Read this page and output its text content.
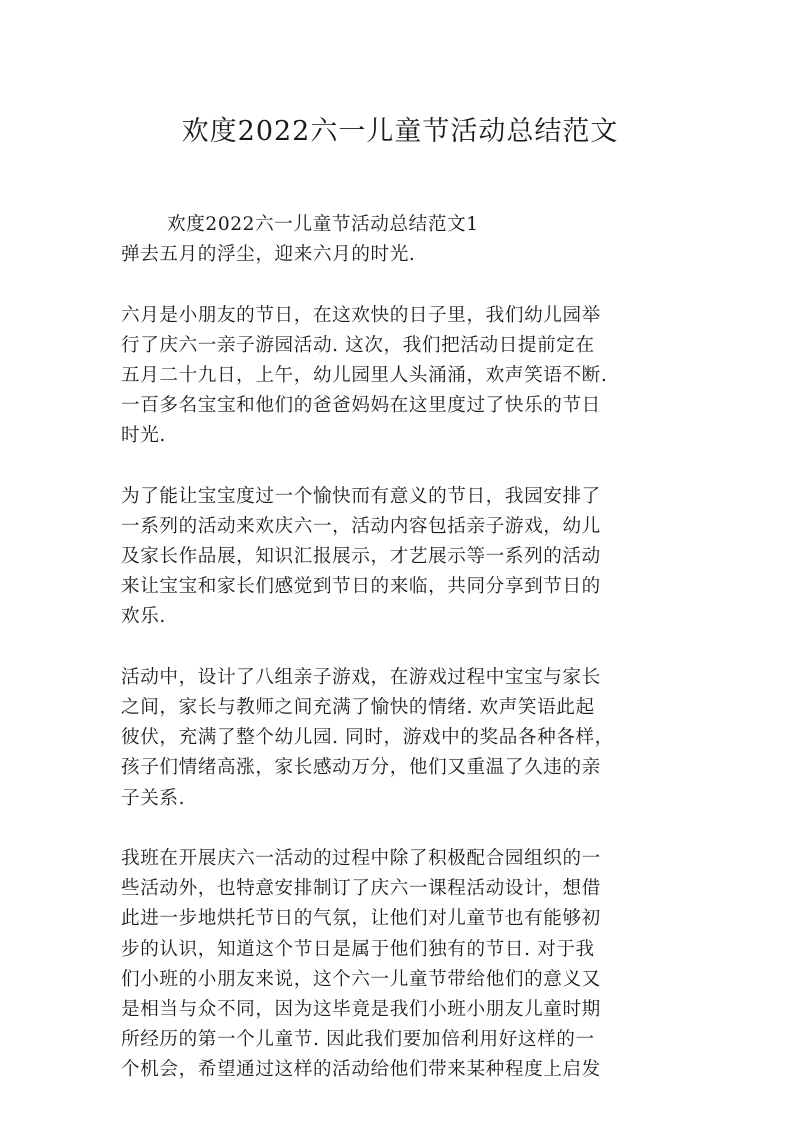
欢度2022六一儿童节活动总结范文
欢度2022六一儿童节活动总结范文1
弹去五月的浮尘，迎来六月的时光.
六月是小朋友的节日，在这欢快的日子里，我们幼儿园举
行了庆六一亲子游园活动. 这次，我们把活动日提前定在
五月二十九日，上午，幼儿园里人头涌涌，欢声笑语不断.
一百多名宝宝和他们的爸爸妈妈在这里度过了快乐的节日
时光.
为了能让宝宝度过一个愉快而有意义的节日，我园安排了
一系列的活动来欢庆六一，活动内容包括亲子游戏，幼儿
及家长作品展，知识汇报展示，才艺展示等一系列的活动
来让宝宝和家长们感觉到节日的来临，共同分享到节日的
欢乐.
活动中，设计了八组亲子游戏，在游戏过程中宝宝与家长
之间，家长与教师之间充满了愉快的情绪. 欢声笑语此起
彼伏，充满了整个幼儿园. 同时，游戏中的奖品各种各样，
孩子们情绪高涨，家长感动万分，他们又重温了久违的亲
子关系.
我班在开展庆六一活动的过程中除了积极配合园组织的一
些活动外，也特意安排制订了庆六一课程活动设计，想借
此进一步地烘托节日的气氛，让他们对儿童节也有能够初
步的认识，知道这个节日是属于他们独有的节日. 对于我
们小班的小朋友来说，这个六一儿童节带给他们的意义又
是相当与众不同，因为这毕竟是我们小班小朋友儿童时期
所经历的第一个儿童节. 因此我们要加倍利用好这样的一
个机会，希望通过这样的活动给他们带来某种程度上启发
